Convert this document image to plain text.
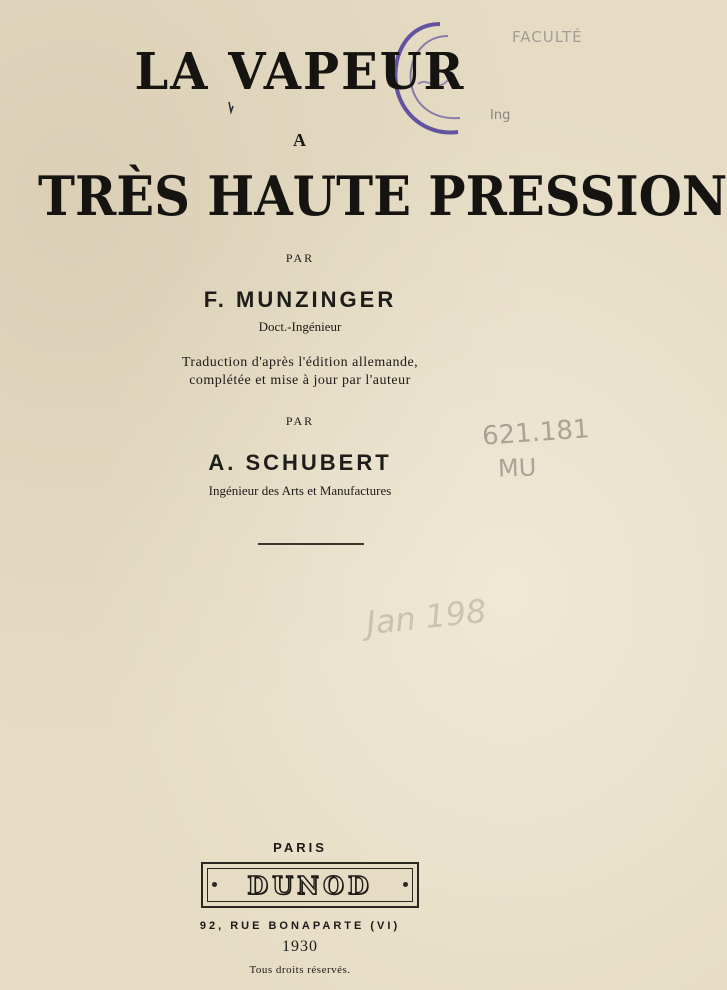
FACULTÉ
Ing
LA VAPEUR
A
TRÈS HAUTE PRESSION
PAR
F. MUNZINGER
Doct.-Ingénieur
Traduction d'après l'édition allemande,
complétée et mise à jour par l'auteur
PAR
A. SCHUBERT
Ingénieur des Arts et Manufactures
621.181
MU
Jan 198
PARIS
DUNOD
92, RUE BONAPARTE (VI)
1930
Tous droits réservés.
